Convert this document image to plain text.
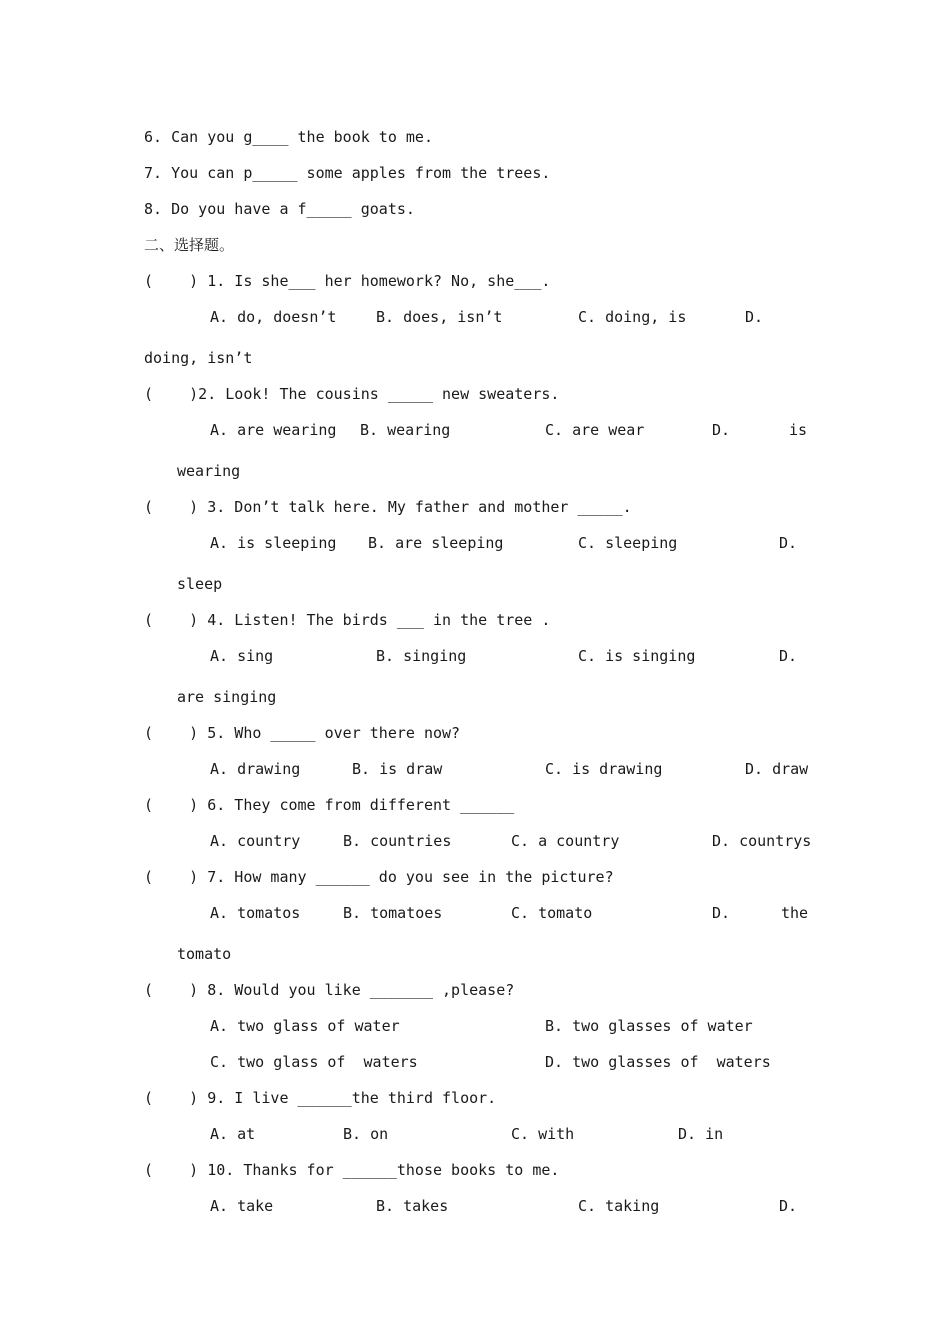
6. Can you g____ the book to me.
7. You can p_____ some apples from the trees.
8. Do you have a f_____ goats.
二、选择题。
(    ) 1. Is she___ her homework? No, she___.
A. do, doesn’t	B. does, isn’t	C. doing, is	D.
doing, isn’t
(    )2. Look! The cousins _____ new sweaters.
A. are wearing B. wearing	C. are wear	D.	is
wearing
(    ) 3. Don’t talk here. My father and mother _____.
A. is sleeping B. are sleeping	C. sleeping	D.
sleep
(    ) 4. Listen! The birds ___ in the tree .
A. sing	B. singing	C. is singing	D.
are singing
(    ) 5. Who _____ over there now?
A. drawing	B. is draw	C. is drawing	D. draw
(    ) 6. They come from different ______
A. country	B. countries	C. a country	D. countrys
(    ) 7. How many ______ do you see in the picture?
A. tomatos	B. tomatoes	C. tomato	D.	the
tomato
(    ) 8. Would you like _______ ,please?
A. two glass of water	B. two glasses of water
C. two glass of  waters	D. two glasses of  waters
(    ) 9. I live ______the third floor.
A. at	B. on	C. with	D. in
(    ) 10. Thanks for ______those books to me.
A. take	B. takes	C. taking	D.
